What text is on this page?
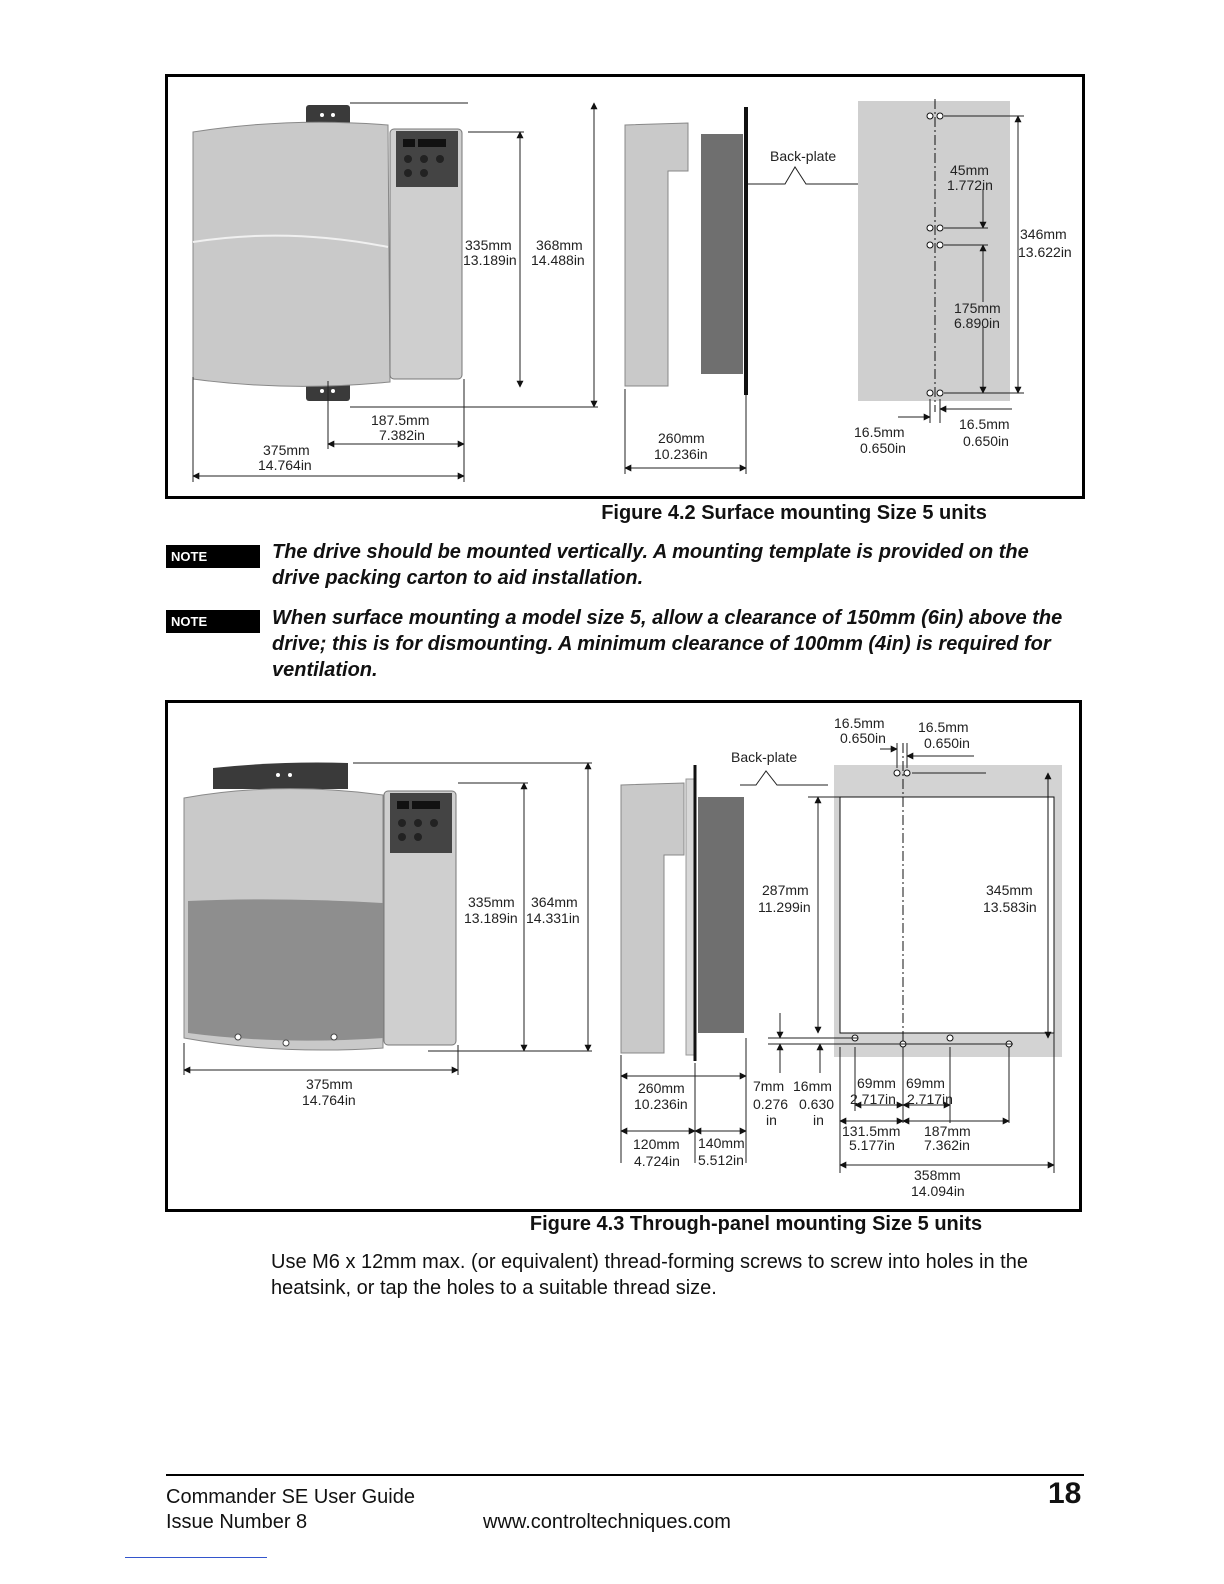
335mm
13.189in
368mm
14.488in
187.5mm
7.382in
375mm
14.764in
Back-plate
260mm
10.236in
45mm
1.772in
175mm
6.890in
346mm
13.622in
16.5mm
0.650in
16.5mm
0.650in
Figure 4.2 Surface mounting Size 5 units
NOTE	The drive should be mounted vertically. A mounting template is provided on the drive packing carton to aid installation.
NOTE	When surface mounting a model size 5, allow a clearance of 150mm (6in) above the drive; this is for dismounting. A minimum clearance of 100mm (4in) is required for ventilation.
335mm
13.189in
364mm
14.331in
375mm
14.764in
Back-plate
260mm
10.236in
120mm
4.724in
140mm
5.512in
16.5mm
0.650in
16.5mm
0.650in
287mm
11.299in
7mm
0.276
in
16mm
0.630
in
345mm
13.583in
69mm
2.717in
69mm
2.717in
131.5mm
5.177in
187mm
7.362in
358mm
14.094in
Figure 4.3 Through-panel mounting Size 5 units
Use M6 x 12mm max. (or equivalent) thread-forming screws to screw into holes in the heatsink, or tap the holes to a suitable thread size.
Commander SE User Guide
Issue Number 8	www.controltechniques.com
18
